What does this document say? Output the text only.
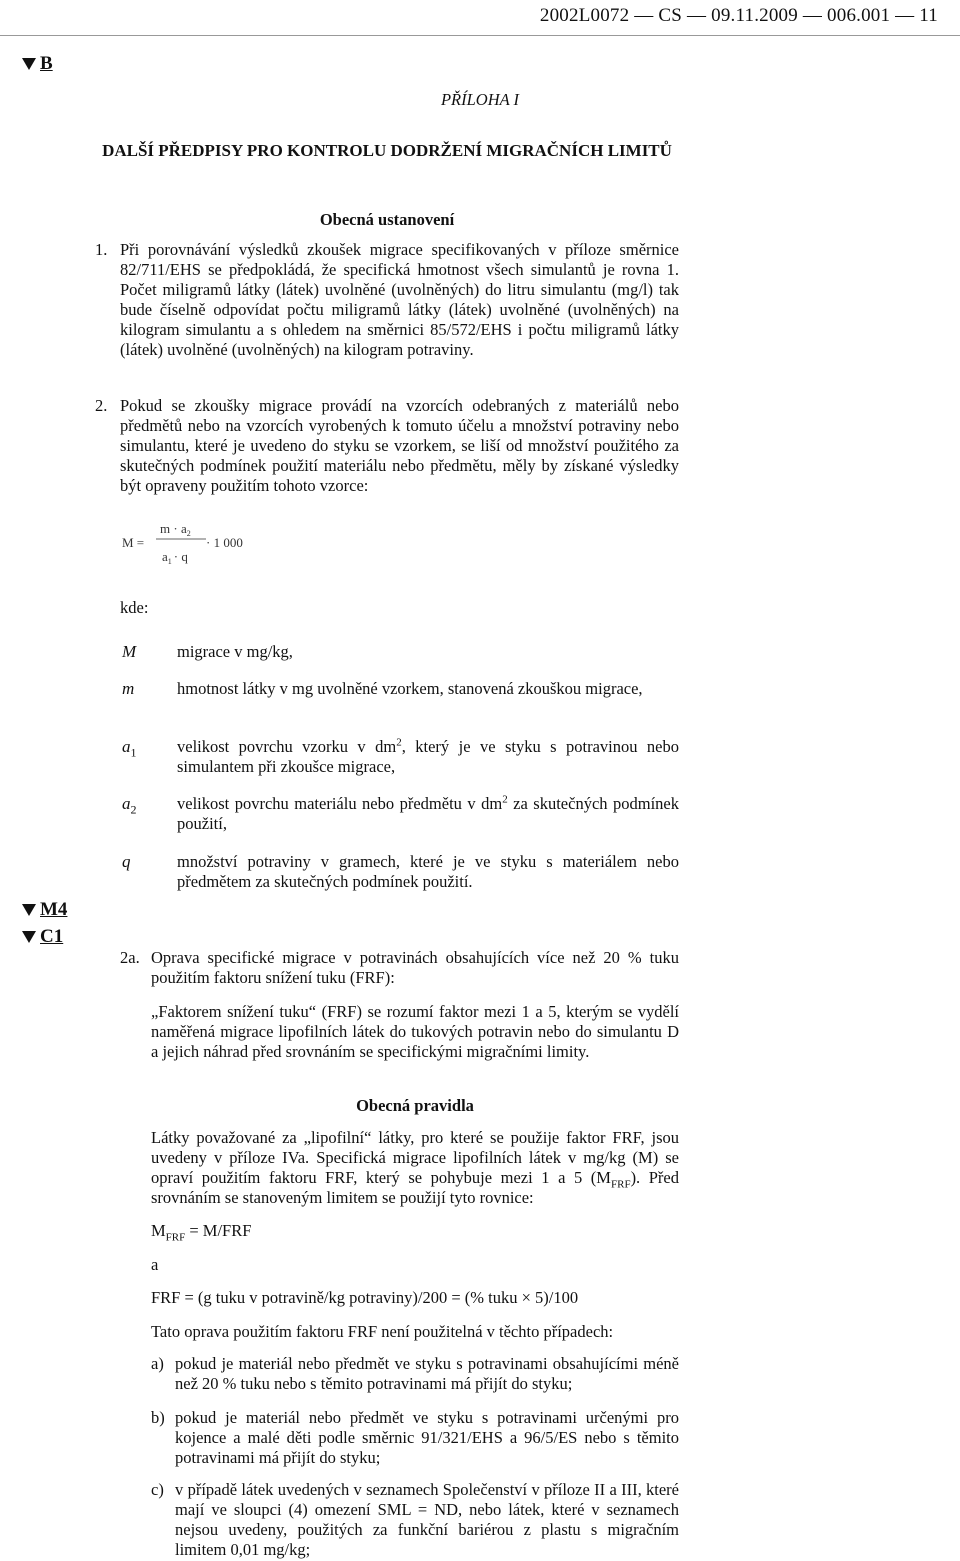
2002L0072 — CS — 09.11.2009 — 006.001 — 11
B
M4
C1
PŘÍLOHA I
DALŠÍ PŘEDPISY PRO KONTROLU DODRŽENÍ MIGRAČNÍCH LIMITŮ
Obecná ustanovení
1. Při porovnávání výsledků zkoušek migrace specifikovaných v příloze směrnice 82/711/EHS se předpokládá, že specifická hmotnost všech simulantů je rovna 1. Počet miligramů látky (látek) uvolněné (uvolněných) do litru simulantu (mg/l) tak bude číselně odpovídat počtu miligramů látky (látek) uvolněné (uvolněných) na kilogram simulantu a s ohledem na směrnici 85/572/EHS i počtu miligramů látky (látek) uvolněné (uvolněných) na kilogram potraviny.
2. Pokud se zkoušky migrace provádí na vzorcích odebraných z materiálů nebo předmětů nebo na vzorcích vyrobených k tomuto účelu a množství potraviny nebo simulantu, které je uvedeno do styku se vzorkem, se liší od množství použitého za skutečných podmínek použití materiálu nebo předmětu, měly by získané výsledky být opraveny použitím tohoto vzorce:
M =
$m \cdot a_2$
$a_1 \cdot q$
· 1 000
kde:
M migrace v mg/kg,
m	hmotnost látky v mg uvolněné vzorkem, stanovená zkouškou migrace,
$a_1$ velikost povrchu vzorku v $dm^2$, který je ve styku s potravinou nebo simulantem při zkoušce migrace,
$a_2$ velikost povrchu materiálu nebo předmětu v $dm^2$ za skutečných podmínek použití,
q	množství potraviny v gramech, které je ve styku s materiálem nebo předmětem za skutečných podmínek použití.
2a. Oprava specifické migrace v potravinách obsahujících více než 20 % tuku použitím faktoru snížení tuku (FRF):
„Faktorem snížení tuku“ (FRF) se rozumí faktor mezi 1 a 5, kterým se vydělí naměřená migrace lipofilních látek do tukových potravin nebo do simulantu D a jejich náhrad před srovnáním se specifickými migračními limity.
Obecná pravidla
Látky považované za „lipofilní“ látky, pro které se použije faktor FRF, jsou uvedeny v příloze IVa. Specifická migrace lipofilních látek v mg/kg (M) se opraví použitím faktoru FRF, který se pohybuje mezi 1 a 5 $(M_{FRF})$. Před srovnáním se stanoveným limitem se použijí tyto rovnice:
$M_{FRF} = M/FRF$
a
FRF = (g tuku v potravině/kg potraviny)/200 = (% tuku × 5)/100
Tato oprava použitím faktoru FRF není použitelná v těchto případech:
a) pokud je materiál nebo předmět ve styku s potravinami obsahujícími méně než 20 % tuku nebo s těmito potravinami má přijít do styku;
b) pokud je materiál nebo předmět ve styku s potravinami určenými pro kojence a malé děti podle směrnic 91/321/EHS a 96/5/ES nebo s těmito potravinami má přijít do styku;
c) v případě látek uvedených v seznamech Společenství v příloze II a III, které mají ve sloupci (4) omezení SML = ND, nebo látek, které v seznamech nejsou uvedeny, použitých za funkční bariérou z plastu s migračním limitem 0,01 mg/kg;
